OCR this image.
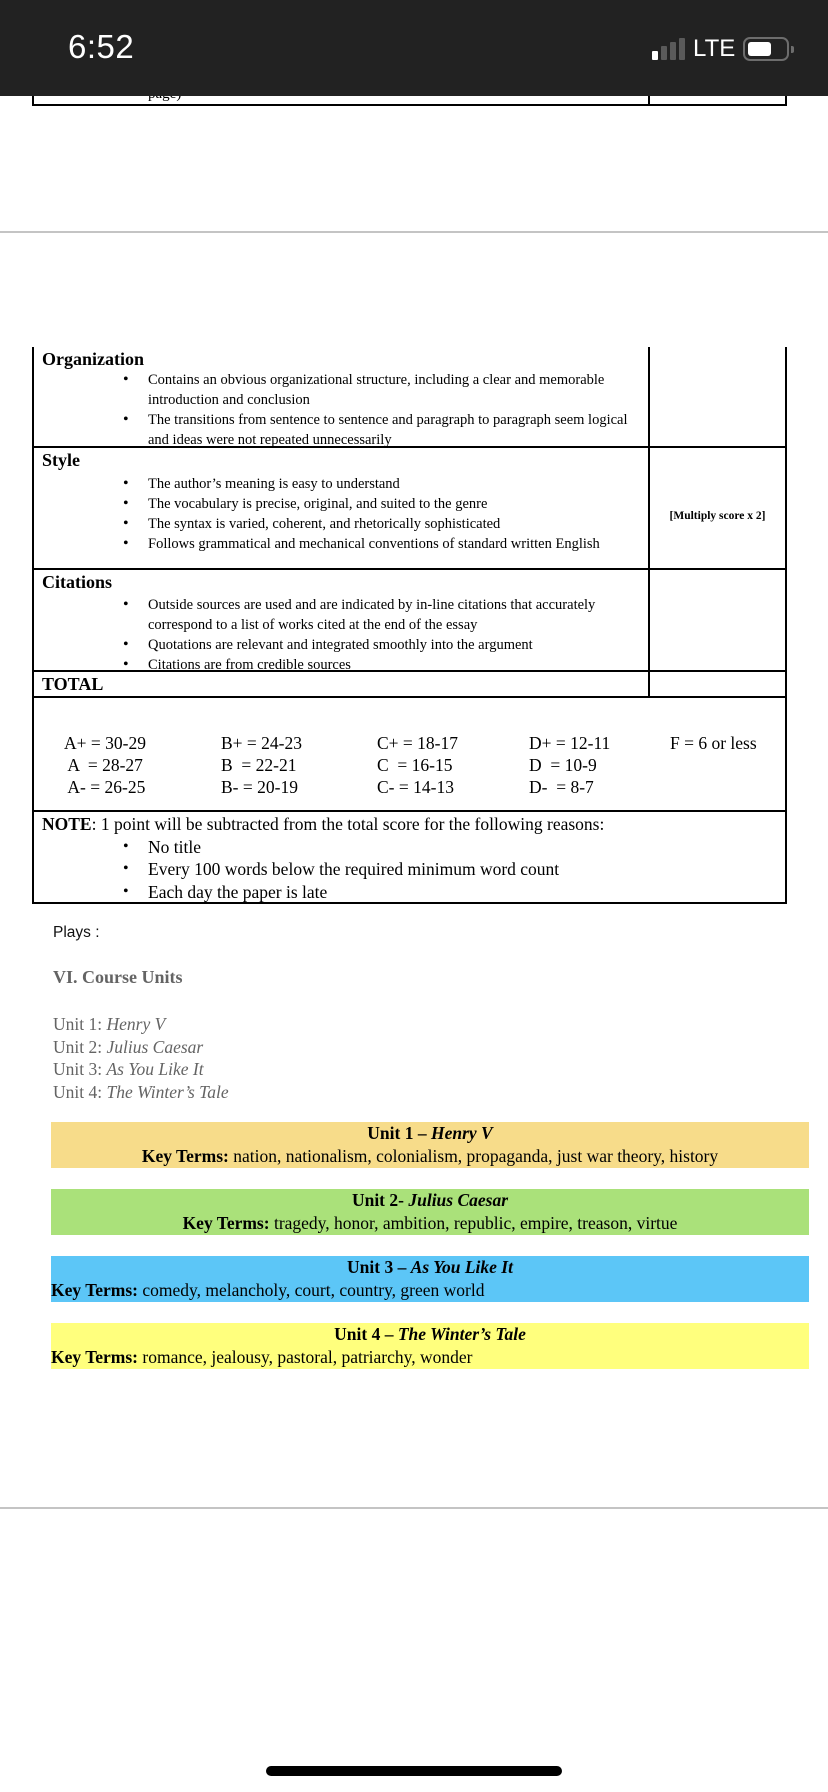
6:52	LTE
Organization
• Contains an obvious organizational structure, including a clear and memorable introduction and conclusion
• The transitions from sentence to sentence and paragraph to paragraph seem logical and ideas were not repeated unnecessarily
Style
• The author’s meaning is easy to understand
• The vocabulary is precise, original, and suited to the genre
• The syntax is varied, coherent, and rhetorically sophisticated
• Follows grammatical and mechanical conventions of standard written English
[Multiply score x 2]
Citations
• Outside sources are used and are indicated by in-line citations that accurately correspond to a list of works cited at the end of the essay
• Quotations are relevant and integrated smoothly into the argument
• Citations are from credible sources
TOTAL
A+ = 30-29
A  = 28-27
A- = 26-25
B+ = 24-23
B  = 22-21
B- = 20-19
C+ = 18-17
C  = 16-15
C- = 14-13
D+ = 12-11
D  = 10-9
D-  = 8-7
F = 6 or less
NOTE: 1 point will be subtracted from the total score for the following reasons:
• No title
• Every 100 words below the required minimum word count
• Each day the paper is late
Plays :
VI. Course Units
Unit 1: Henry V
Unit 2: Julius Caesar
Unit 3: As You Like It
Unit 4: The Winter’s Tale
Unit 1 – Henry V
Key Terms: nation, nationalism, colonialism, propaganda, just war theory, history
Unit 2- Julius Caesar
Key Terms: tragedy, honor, ambition, republic, empire, treason, virtue
Unit 3 – As You Like It
Key Terms: comedy, melancholy, court, country, green world
Unit 4 – The Winter’s Tale
Key Terms: romance, jealousy, pastoral, patriarchy, wonder
